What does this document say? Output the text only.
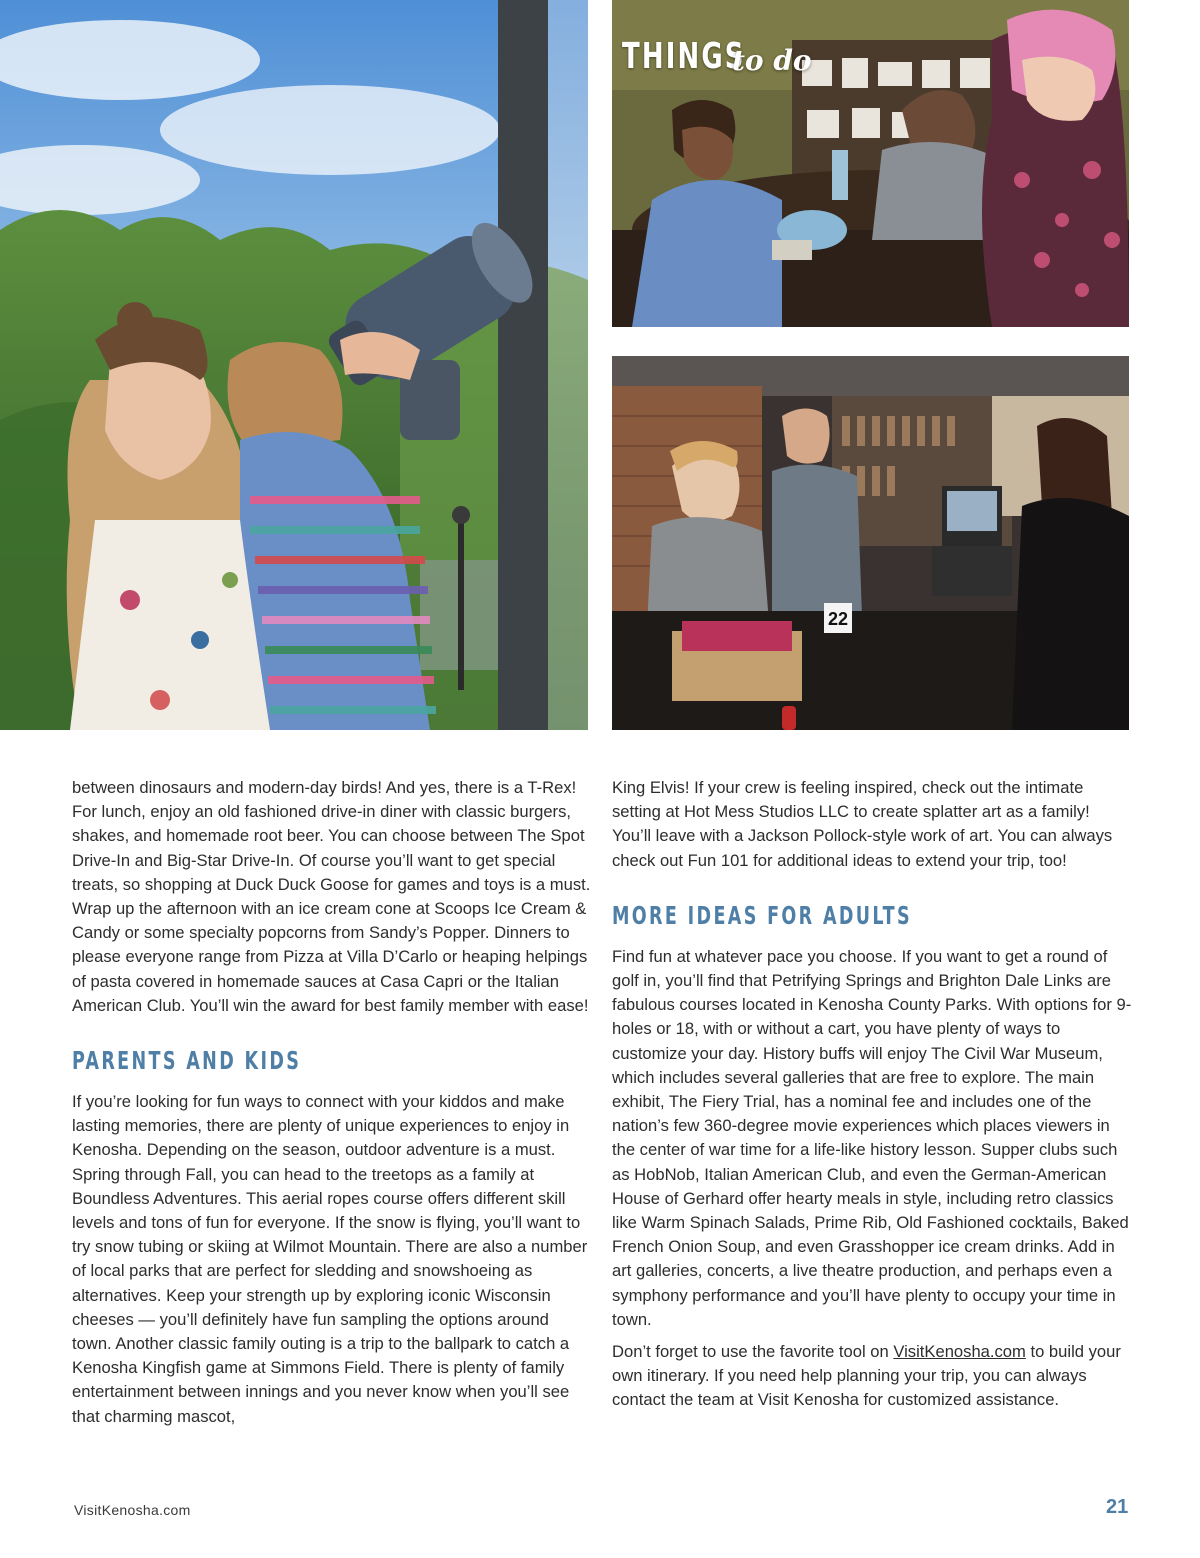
THINGS
to do
22

between dinosaurs and modern-day birds! And yes, there is a T-Rex! For lunch, enjoy an old fashioned drive-in diner with classic burgers, shakes, and homemade root beer. You can choose between The Spot Drive-In and Big-Star Drive-In. Of course you’ll want to get special treats, so shopping at Duck Duck Goose for games and toys is a must. Wrap up the afternoon with an ice cream cone at Scoops Ice Cream & Candy or some specialty popcorns from Sandy’s Popper. Dinners to please everyone range from Pizza at Villa D’Carlo or heaping helpings of pasta covered in homemade sauces at Casa Capri or the Italian American Club. You’ll win the award for best family member with ease!

PARENTS AND KIDS

If you’re looking for fun ways to connect with your kiddos and make lasting memories, there are plenty of unique experiences to enjoy in Kenosha. Depending on the season, outdoor adventure is a must. Spring through Fall, you can head to the treetops as a family at Boundless Adventures. This aerial ropes course offers different skill levels and tons of fun for everyone. If the snow is flying, you’ll want to try snow tubing or skiing at Wilmot Mountain. There are also a number of local parks that are perfect for sledding and snowshoeing as alternatives. Keep your strength up by exploring iconic Wisconsin cheeses — you’ll definitely have fun sampling the options around town. Another classic family outing is a trip to the ballpark to catch a Kenosha Kingfish game at Simmons Field. There is plenty of family entertainment between innings and you never know when you’ll see that charming mascot,

King Elvis! If your crew is feeling inspired, check out the intimate setting at Hot Mess Studios LLC to create splatter art as a family! You’ll leave with a Jackson Pollock-style work of art. You can always check out Fun 101 for additional ideas to extend your trip, too!

MORE IDEAS FOR ADULTS

Find fun at whatever pace you choose. If you want to get a round of golf in, you’ll find that Petrifying Springs and Brighton Dale Links are fabulous courses located in Kenosha County Parks. With options for 9-holes or 18, with or without a cart, you have plenty of ways to customize your day. History buffs will enjoy The Civil War Museum, which includes several galleries that are free to explore. The main exhibit, The Fiery Trial, has a nominal fee and includes one of the nation’s few 360-degree movie experiences which places viewers in the center of war time for a life-like history lesson. Supper clubs such as HobNob, Italian American Club, and even the German-American House of Gerhard offer hearty meals in style, including retro classics like Warm Spinach Salads, Prime Rib, Old Fashioned cocktails, Baked French Onion Soup, and even Grasshopper ice cream drinks. Add in art galleries, concerts, a live theatre production, and perhaps even a symphony performance and you’ll have plenty to occupy your time in town.

Don’t forget to use the favorite tool on VisitKenosha.com to build your own itinerary. If you need help planning your trip, you can always contact the team at Visit Kenosha for customized assistance.

VisitKenosha.com	21
